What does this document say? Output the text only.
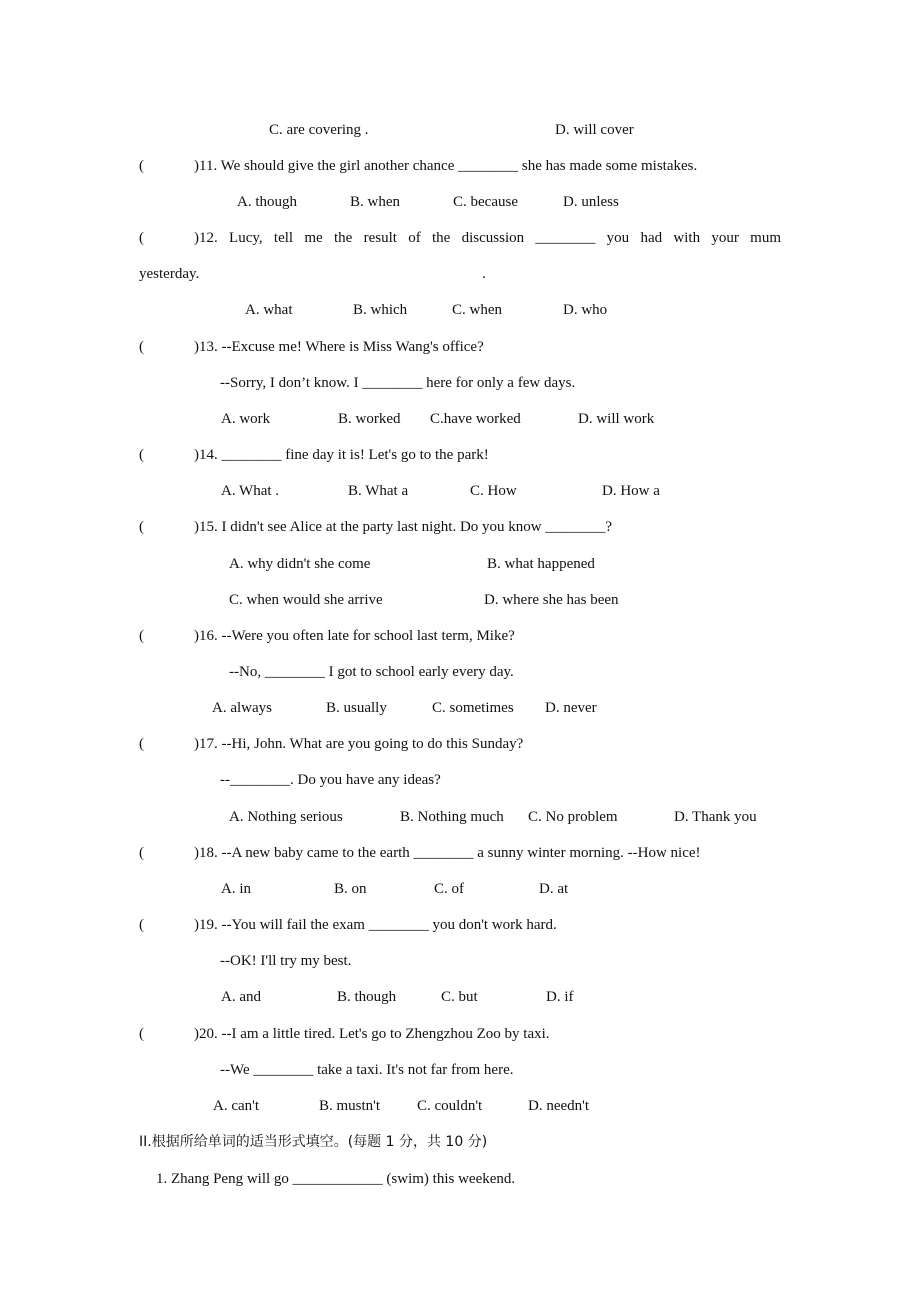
C. are covering .	D. will cover
(	)11. We should give the girl another chance ________ she has made some mistakes.
A. though	B. when	C. because	D. unless
(	)12.  Lucy,  tell  me  the  result  of  the  discussion  ________  you  had  with  your  mum
yesterday.	.
A. what	B. which	C. when	D. who
(	)13. --Excuse me! Where is Miss Wang's office?
--Sorry, I don’t know. I ________ here for only a few days.
A. work	B. worked C.have worked	D. will work
(	)14. ________ fine day it is! Let's go to the park!
A. What .	B. What a	C. How	D. How a
(	)15. I didn't see Alice at the party last night. Do you know ________?
A. why didn't she come	B. what happened
C. when would she arrive	D. where she has been
(	)16. --Were you often late for school last term, Mike?
--No, ________ I got to school early every day.
A. always	B. usually	C. sometimes D. never
(	)17. --Hi, John. What are you going to do this Sunday?
--________. Do you have any ideas?
A. Nothing serious	B. Nothing much C. No problem	D. Thank you
(	)18. --A new baby came to the earth ________ a sunny winter morning. --How nice!
A. in	B. on	C. of	D. at
(	)19. --You will fail the exam ________ you don't work hard.
--OK! I'll try my best.
A. and	B. though	C. but	D. if
(	)20. --I am a little tired. Let's go to Zhengzhou Zoo by taxi.
--We ________ take a taxi. It's not far from here.
A. can't	B. mustn't C. couldn't	D. needn't
II.根据所给单词的适当形式填空。(每题 1 分，共 10 分)
1. Zhang Peng will go ____________ (swim) this weekend.
